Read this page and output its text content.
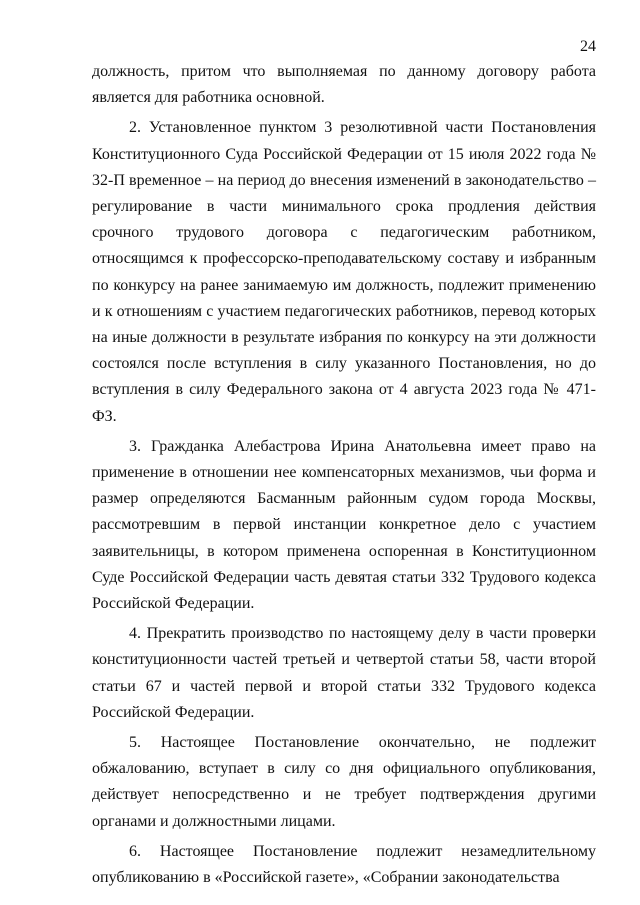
24

должность, притом что выполняемая по данному договору работа является для работника основной.

2. Установленное пунктом 3 резолютивной части Постановления Конституционного Суда Российской Федерации от 15 июля 2022 года № 32-П временное – на период до внесения изменений в законодательство – регулирование в части минимального срока продления действия срочного трудового договора с педагогическим работником, относящимся к профессорско-преподавательскому составу и избранным по конкурсу на ранее занимаемую им должность, подлежит применению и к отношениям с участием педагогических работников, перевод которых на иные должности в результате избрания по конкурсу на эти должности состоялся после вступления в силу указанного Постановления, но до вступления в силу Федерального закона от 4 августа 2023 года № 471-ФЗ.

3. Гражданка Алебастрова Ирина Анатольевна имеет право на применение в отношении нее компенсаторных механизмов, чьи форма и размер определяются Басманным районным судом города Москвы, рассмотревшим в первой инстанции конкретное дело с участием заявительницы, в котором применена оспоренная в Конституционном Суде Российской Федерации часть девятая статьи 332 Трудового кодекса Российской Федерации.

4. Прекратить производство по настоящему делу в части проверки конституционности частей третьей и четвертой статьи 58, части второй статьи 67 и частей первой и второй статьи 332 Трудового кодекса Российской Федерации.

5. Настоящее Постановление окончательно, не подлежит обжалованию, вступает в силу со дня официального опубликования, действует непосредственно и не требует подтверждения другими органами и должностными лицами.

6. Настоящее Постановление подлежит незамедлительному опубликованию в «Российской газете», «Собрании законодательства
